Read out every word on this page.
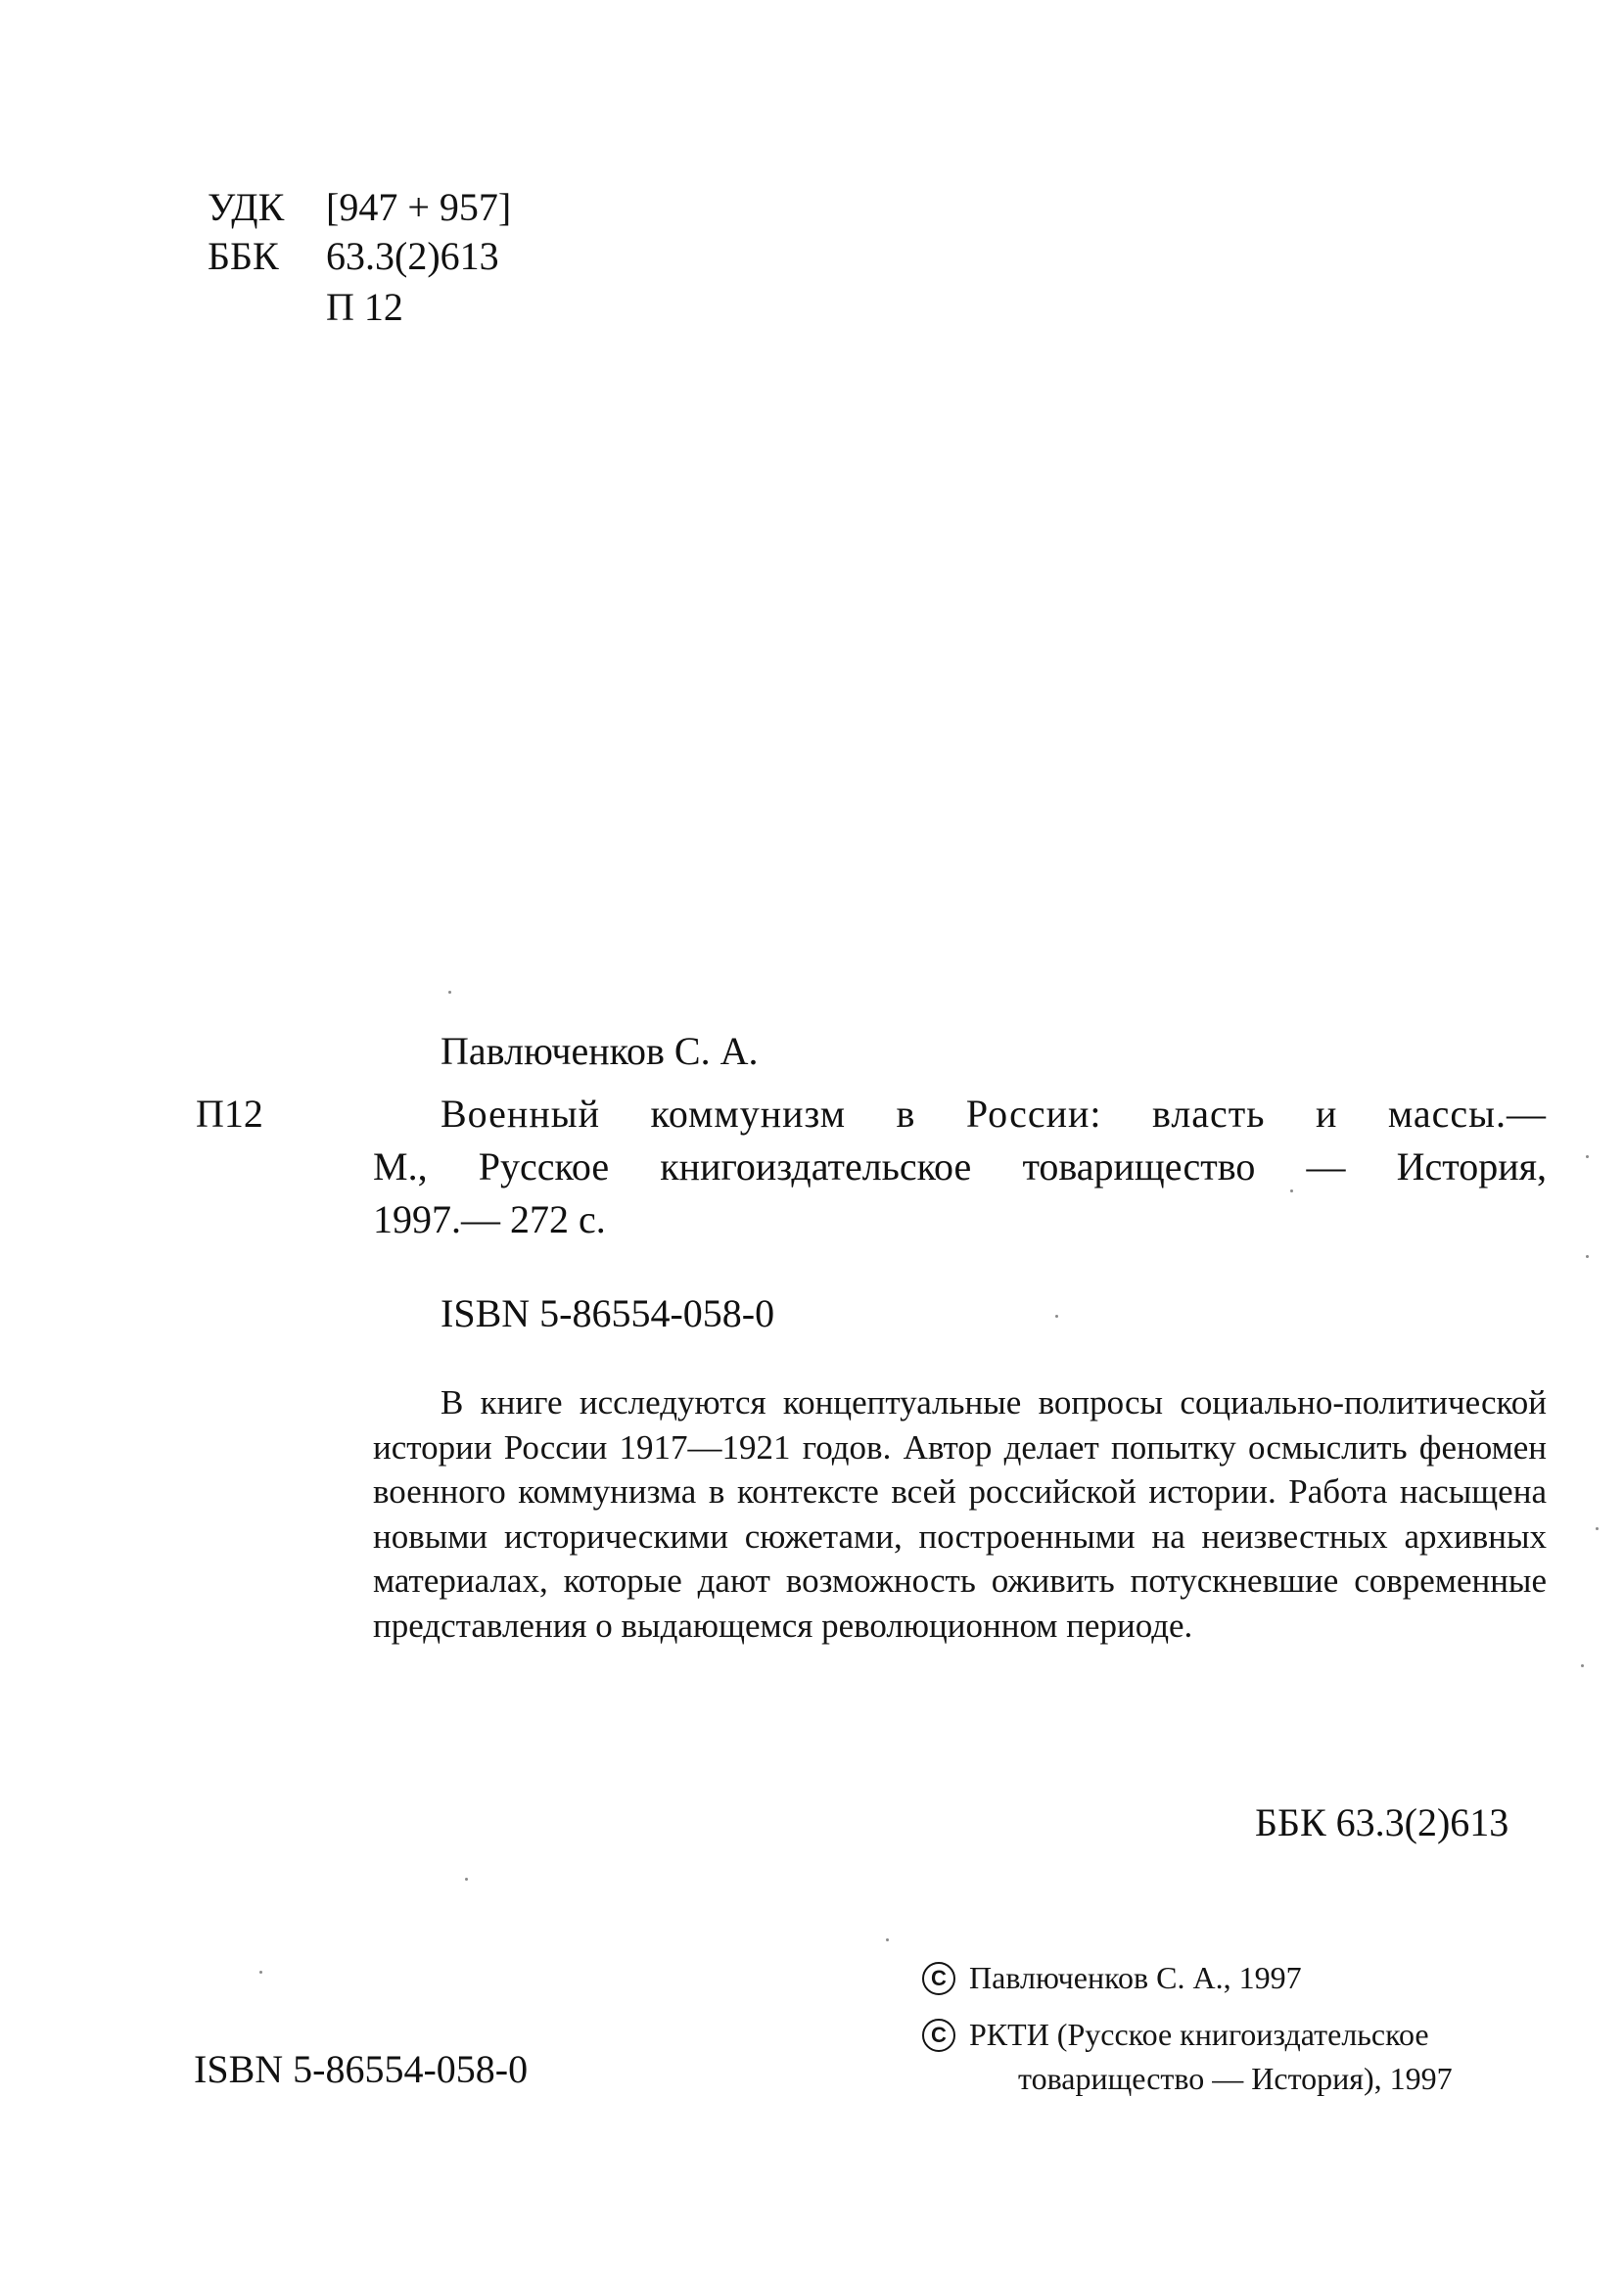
УДК [947 + 957]
ББК 63.3(2)613
П 12
Павлюченков С. А.
П12	Военный коммунизм в России: власть и массы.—
М., Русское книгоиздательское товарищество — История,
1997.— 272 с.
ISBN 5-86554-058-0

В книге исследуются концептуальные вопросы социально-политической истории России 1917—1921 годов. Автор делает попытку осмыслить феномен военного коммунизма в контексте всей российской истории. Работа насыщена новыми историческими сюжетами, построенными на неизвестных архивных материалах, которые дают возможность оживить потускневшие современные представления о выдающемся революционном периоде.

ББК 63.3(2)613
C Павлюченков С. А., 1997
C РКТИ (Русское книгоиздательское
товарищество — История), 1997
ISBN 5-86554-058-0
